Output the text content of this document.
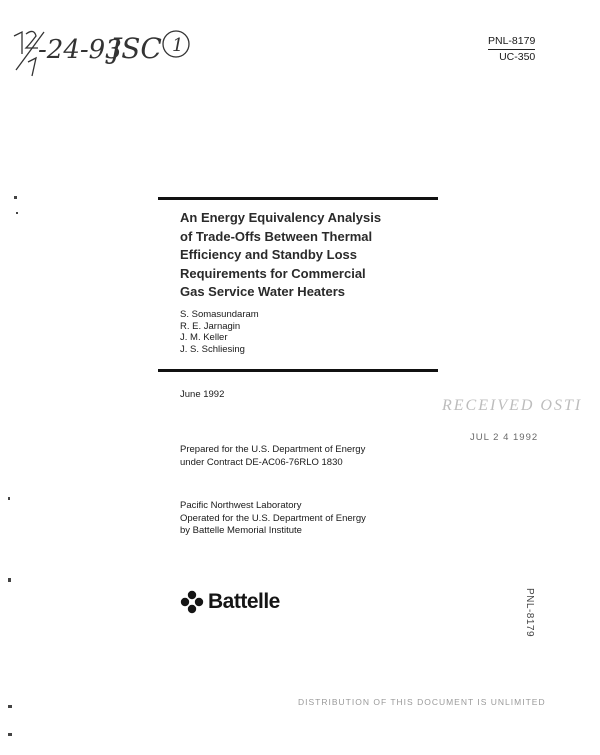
-24-93
JSC 1	PNL-8179
UC-350
An Energy Equivalency Analysis
of Trade-Offs Between Thermal
Efficiency and Standby Loss
Requirements for Commercial
Gas Service Water Heaters
S. Somasundaram
R. E. Jarnagin
J. M. Keller
J. S. Schliesing
June 1992
RECEIVED OSTI
JUL 2 4 1992
Prepared for the U.S. Department of Energy
under Contract DE-AC06-76RLO 1830
Pacific Northwest Laboratory
Operated for the U.S. Department of Energy
by Battelle Memorial Institute
Battelle	PNL-8179
DISTRIBUTION OF THIS DOCUMENT IS UNLIMITED
